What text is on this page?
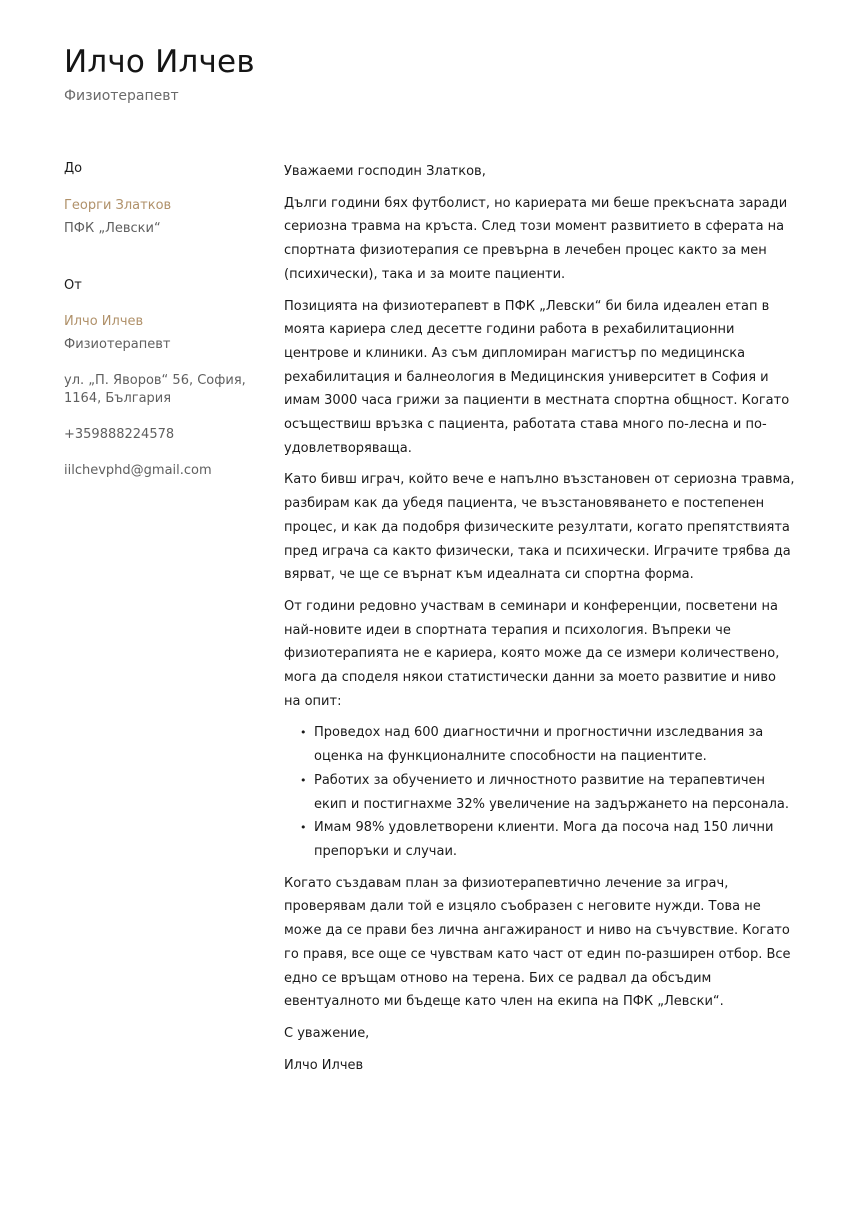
Илчо Илчев
Физиотерапевт
До
Георги Златков
ПФК „Левски“
От
Илчо Илчев
Физиотерапевт
ул. „П. Яворов“ 56, София, 1164, България
+359888224578
iilchevphd@gmail.com

Уважаеми господин Златков,

Дълги години бях футболист, но кариерата ми беше прекъсната заради сериозна травма на кръста. След този момент развитието в сферата на спортната физиотерапия се превърна в лечебен процес както за мен (психически), така и за моите пациенти.

Позицията на физиотерапевт в ПФК „Левски“ би била идеален етап в моята кариера след десетте години работа в рехабилитационни центрове и клиники. Аз съм дипломиран магистър по медицинска рехабилитация и балнеология в Медицинския университет в София и имам 3000 часа грижи за пациенти в местната спортна общност. Когато осъществиш връзка с пациента, работата става много по-лесна и по-удовлетворяваща.

Като бивш играч, който вече е напълно възстановен от сериозна травма, разбирам как да убедя пациента, че възстановяването е постепенен процес, и как да подобря физическите резултати, когато препятствията пред играча са както физически, така и психически. Играчите трябва да вярват, че ще се върнат към идеалната си спортна форма.

От години редовно участвам в семинари и конференции, посветени на най-новите идеи в спортната терапия и психология. Въпреки че физиотерапията не е кариера, която може да се измери количествено, мога да споделя някои статистически данни за моето развитие и ниво на опит:

• Проведох над 600 диагностични и прогностични изследвания за оценка на функционалните способности на пациентите.
• Работих за обучението и личностното развитие на терапевтичен екип и постигнахме 32% увеличение на задържането на персонала.
• Имам 98% удовлетворени клиенти. Мога да посоча над 150 лични препоръки и случаи.

Когато създавам план за физиотерапевтично лечение за играч, проверявам дали той е изцяло съобразен с неговите нужди. Това не може да се прави без лична ангажираност и ниво на съчувствие. Когато го правя, все още се чувствам като част от един по-разширен отбор. Все едно се връщам отново на терена. Бих се радвал да обсъдим евентуалното ми бъдеще като член на екипа на ПФК „Левски“.

С уважение,

Илчо Илчев
